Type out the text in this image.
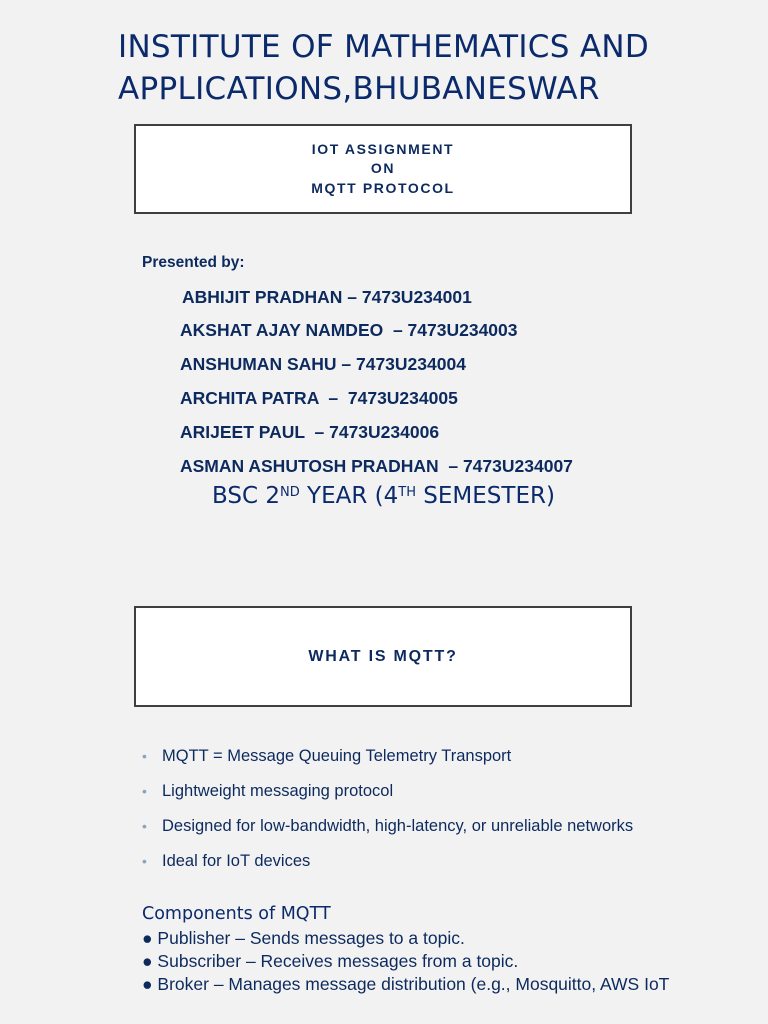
INSTITUTE OF MATHEMATICS AND
APPLICATIONS,BHUBANESWAR
IOT ASSIGNMENT
ON
MQTT PROTOCOL
Presented by:
ABHIJIT PRADHAN – 7473U234001
AKSHAT AJAY NAMDEO  – 7473U234003
ANSHUMAN SAHU – 7473U234004
ARCHITA PATRA  –  7473U234005
ARIJEET PAUL  – 7473U234006
ASMAN ASHUTOSH PRADHAN  – 7473U234007
BSC 2ND YEAR (4TH SEMESTER)
WHAT IS MQTT?
• MQTT = Message Queuing Telemetry Transport
• Lightweight messaging protocol
• Designed for low-bandwidth, high-latency, or unreliable networks
• Ideal for IoT devices
Components of MQTT
● Publisher – Sends messages to a topic.
● Subscriber – Receives messages from a topic.
● Broker – Manages message distribution (e.g., Mosquitto, AWS IoT
